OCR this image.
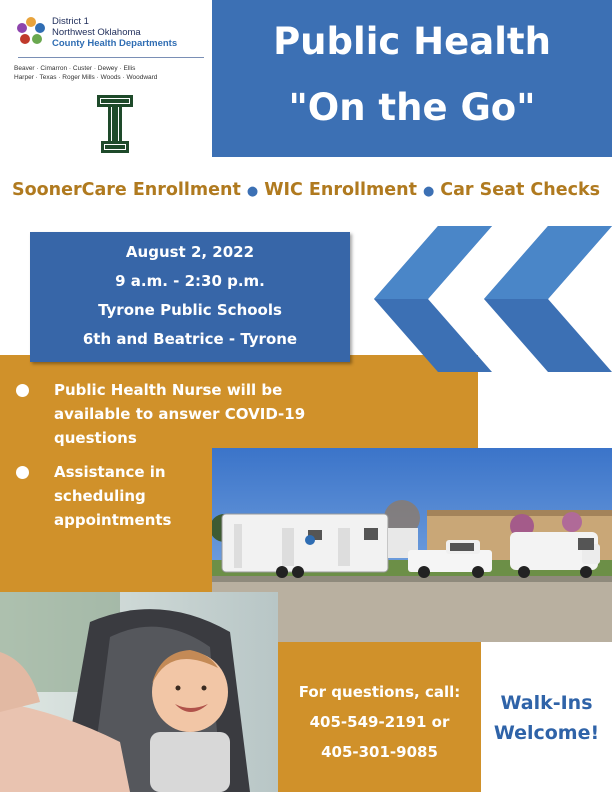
District 1
Northwest Oklahoma
County Health Departments
Beaver · Cimarron · Custer · Dewey · Ellis
Harper · Texas · Roger Mills · Woods · Woodward
Public Health
"On the Go"
SoonerCare Enrollment ● WIC Enrollment ● Car Seat Checks
August 2, 2022
9 a.m. - 2:30 p.m.
Tyrone Public Schools
6th and Beatrice - Tyrone
Public Health Nurse will be available to answer COVID-19 questions
Assistance in scheduling appointments
For questions, call:
405-549-2191 or
405-301-9085
Walk-Ins
Welcome!
